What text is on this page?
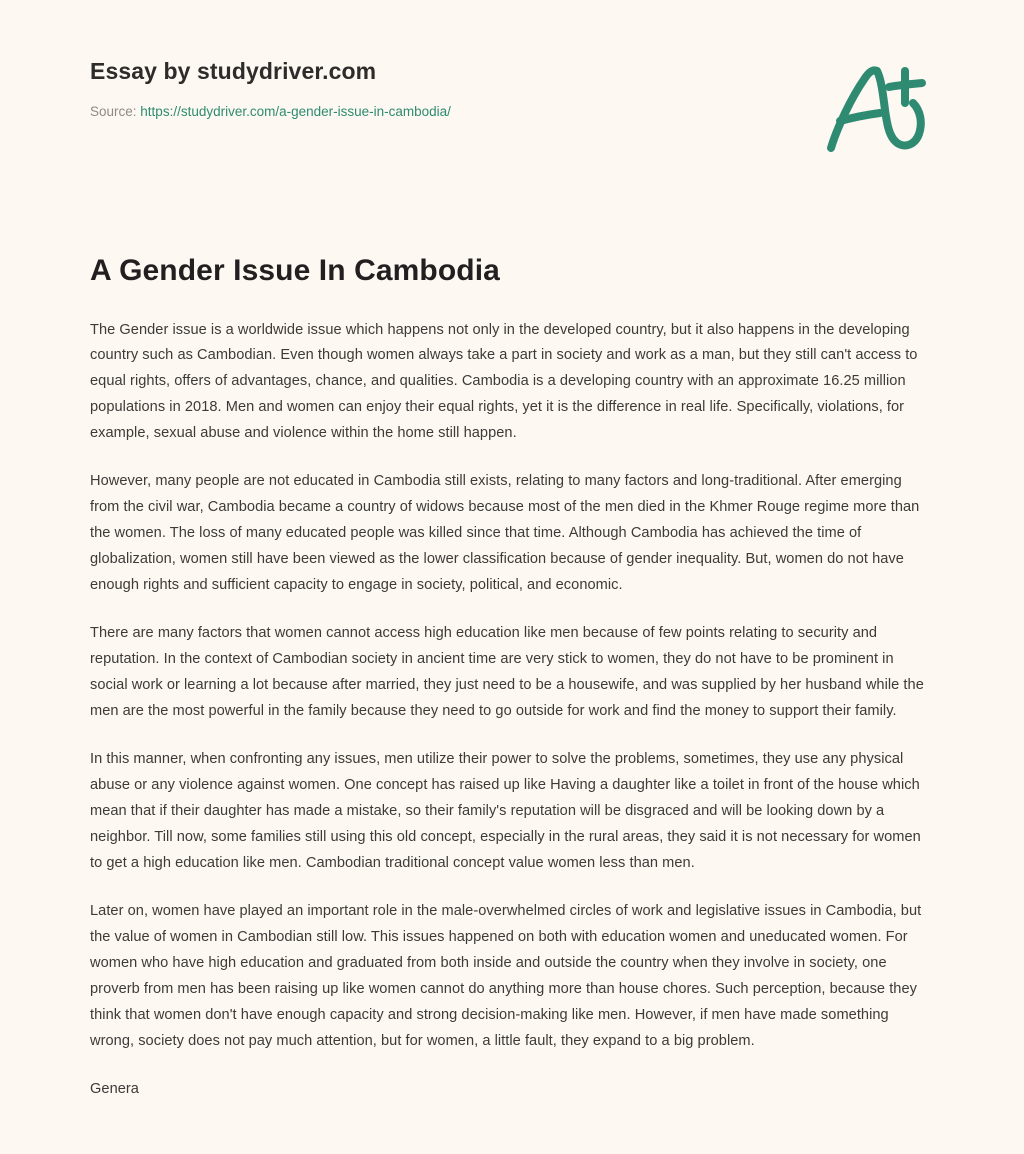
Essay by studydriver.com
Source: https://studydriver.com/a-gender-issue-in-cambodia/
A Gender Issue In Cambodia

The Gender issue is a worldwide issue which happens not only in the developed country, but it also happens in the developing country such as Cambodian. Even though women always take a part in society and work as a man, but they still can't access to equal rights, offers of advantages, chance, and qualities. Cambodia is a developing country with an approximate 16.25 million populations in 2018. Men and women can enjoy their equal rights, yet it is the difference in real life. Specifically, violations, for example, sexual abuse and violence within the home still happen.

However, many people are not educated in Cambodia still exists, relating to many factors and long-traditional. After emerging from the civil war, Cambodia became a country of widows because most of the men died in the Khmer Rouge regime more than the women. The loss of many educated people was killed since that time. Although Cambodia has achieved the time of globalization, women still have been viewed as the lower classification because of gender inequality. But, women do not have enough rights and sufficient capacity to engage in society, political, and economic.

There are many factors that women cannot access high education like men because of few points relating to security and reputation. In the context of Cambodian society in ancient time are very stick to women, they do not have to be prominent in social work or learning a lot because after married, they just need to be a housewife, and was supplied by her husband while the men are the most powerful in the family because they need to go outside for work and find the money to support their family.

In this manner, when confronting any issues, men utilize their power to solve the problems, sometimes, they use any physical abuse or any violence against women. One concept has raised up like Having a daughter like a toilet in front of the house which mean that if their daughter has made a mistake, so their family's reputation will be disgraced and will be looking down by a neighbor. Till now, some families still using this old concept, especially in the rural areas, they said it is not necessary for women to get a high education like men. Cambodian traditional concept value women less than men.

Later on, women have played an important role in the male-overwhelmed circles of work and legislative issues in Cambodia, but the value of women in Cambodian still low. This issues happened on both with education women and uneducated women. For women who have high education and graduated from both inside and outside the country when they involve in society, one proverb from men has been raising up like women cannot do anything more than house chores. Such perception, because they think that women don't have enough capacity and strong decision-making like men. However, if men have made something wrong, society does not pay much attention, but for women, a little fault, they expand to a big problem.

Genera
